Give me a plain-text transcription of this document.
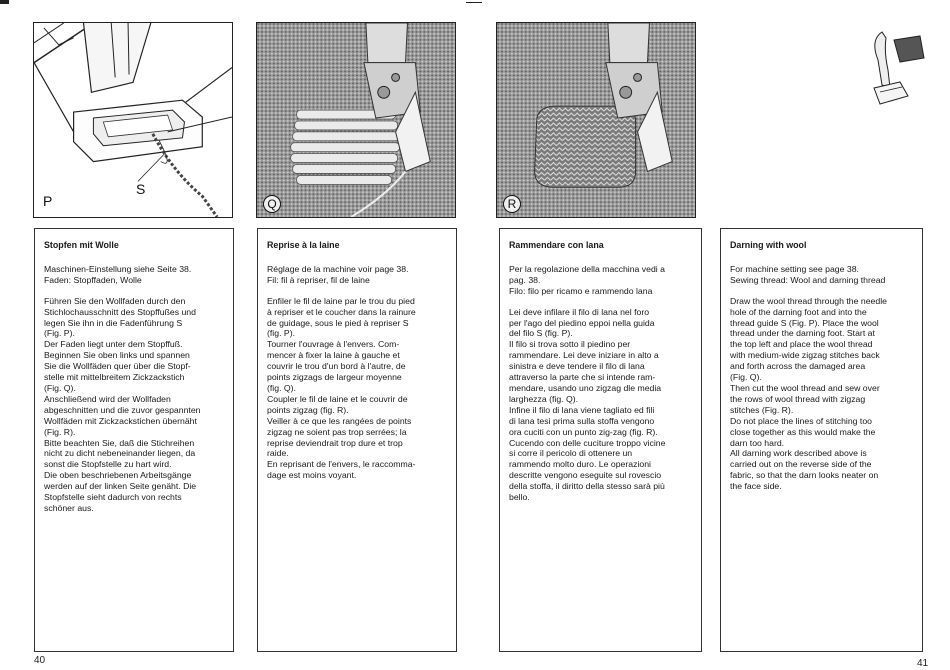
P
S
Q	R
Stopfen mit Wolle

Maschinen-Einstellung siehe Seite 38.
Faden: Stopffaden, Wolle

Führen Sie den Wollfaden durch den
Stichlochausschnitt des Stopffußes und
legen Sie ihn in die Fadenführung S
(Fig. P).
Der Faden liegt unter dem Stopffuß.
Beginnen Sie oben links und spannen
Sie die Wollfäden quer über die Stopf-
stelle mit mittelbreitem Zickzackstich
(Fig. Q).
Anschließend wird der Wollfaden
abgeschnitten und die zuvor gespannten
Wollfäden mit Zickzackstichen übernäht
(Fig. R).
Bitte beachten Sie, daß die Stichreihen
nicht zu dicht nebeneinander liegen, da
sonst die Stopfstelle zu hart wird.
Die oben beschriebenen Arbeitsgänge
werden auf der linken Seite genäht. Die
Stopfstelle sieht dadurch von rechts
schöner aus.

Reprise à la laine

Réglage de la machine voir page 38.
Fil: fil à repriser, fil de laine

Enfiler le fil de laine par le trou du pied
à repriser et le coucher dans la rainure
de guidage, sous le pied à repriser S
(fig. P).
Tourner l'ouvrage à l'envers. Com-
mencer à fixer la laine à gauche et
couvrir le trou d'un bord à l'autre, de
points zigzags de largeur moyenne
(fig. Q).
Coupler le fil de laine et le couvrir de
points zigzag (fig. R).
Veiller à ce que les rangées de points
zigzag ne soient pas trop serrées; la
reprise deviendrait trop dure et trop
raide.
En reprisant de l'envers, le raccomma-
dage est moins voyant.

Rammendare con lana

Per la regolazione della macchina vedi a
pag. 38.
Filo: filo per ricamo e rammendo lana

Lei deve infilare il filo di lana nel foro
per l'ago del piedino eppoi nella guida
del filo S (fig. P).
Il filo si trova sotto il piedino per
rammendare. Lei deve iniziare in alto a
sinistra e deve tendere il filo di lana
attraverso la parte che si intende ram-
mendare, usando uno zigzag dle media
larghezza (fig. Q).
Infine il filo di lana viene tagliato ed fili
di lana tesi prima sulla stoffa vengono
ora cuciti con un punto zig-zag (fig. R).
Cucendo con delle cuciture troppo vicine
si corre il pericolo di ottenere un
rammendo molto duro. Le operazioni
descritte vengono eseguite sul rovescio
della stoffa, il diritto della stesso sarà più
bello.

Darning with wool

For machine setting see page 38.
Sewing thread: Wool and darning thread

Draw the wool thread through the needle
hole of the darning foot and into the
thread guide S (Fig. P). Place the wool
thread under the darning foot. Start at
the top left and place the wool thread
with medium-wide zigzag stitches back
and forth across the damaged area
(Fig. Q).
Then cut the wool thread and sew over
the rows of wool thread with zigzag
stitches (Fig. R).
Do not place the lines of stitching too
close together as this would make the
darn too hard.
All darning work described above is
carried out on the reverse side of the
fabric, so that the darn looks neater on
the face side.

40	41
